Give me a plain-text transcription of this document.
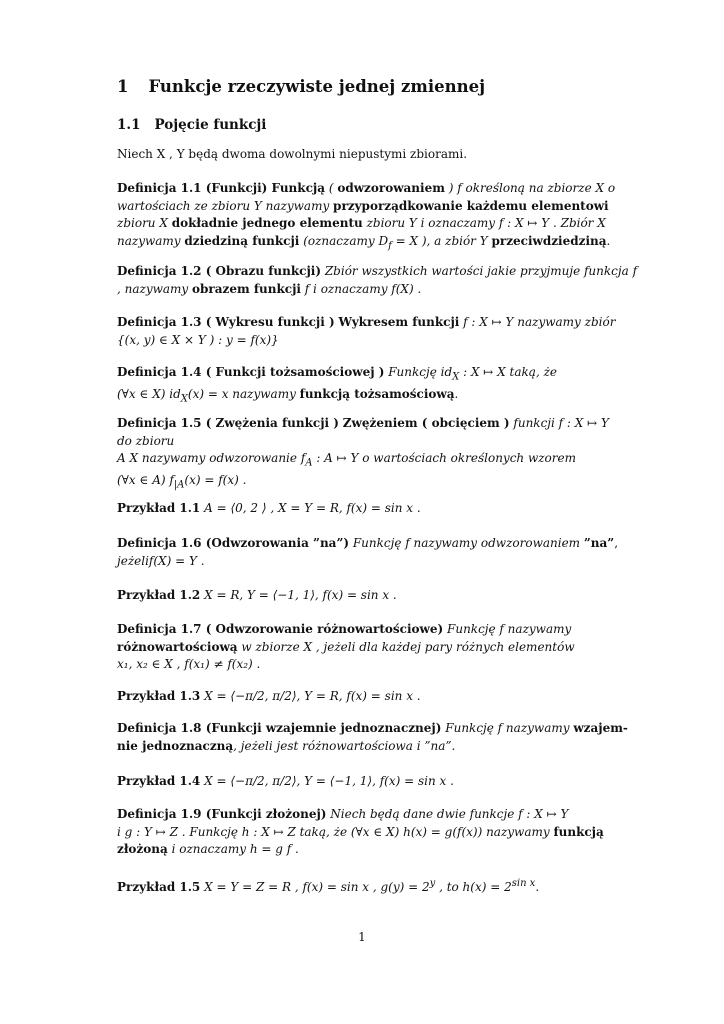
1 Funkcje rzeczywiste jednej zmiennej
1.1 Pojęcie funkcji
Niech X , Y będą dwoma dowolnymi niepustymi zbiorami.
Definicja 1.1 (Funkcji) Funkcją ( odwzorowaniem ) f określoną na zbiorze X o wartościach ze zbioru Y nazywamy przyporządkowanie każdemu elementowi zbioru X dokładnie jednego elementu zbioru Y i oznaczamy f : X ↦ Y . Zbiór X nazywamy dziedziną funkcji (oznaczamy $D_f = X$ ), a zbiór Y przeciwdziedziną.
Definicja 1.2 ( Obrazu funkcji) Zbiór wszystkich wartości jakie przyjmuje funkcja f , nazywamy obrazem funkcji f i oznaczamy f(X) .
Definicja 1.3 ( Wykresu funkcji ) Wykresem funkcji f : X ↦ Y nazywamy zbiór
{(x, y) ∈ X × Y ) : y = f(x)}
Definicja 1.4 ( Funkcji tożsamościowej ) Funkcję $id_X$ : X ↦ X taką, że
(∀x ∈ X) $id_X(x) = x$ nazywamy funkcją tożsamościową.
Definicja 1.5 ( Zwężenia funkcji ) Zwężeniem ( obcięciem ) funkcji f : X ↦ Y
do zbioru
A X nazywamy odwzorowanie $f_A$ : A ↦ Y o wartościach określonych wzorem
(∀x ∈ A) $f_{|A}(x) = f(x)$ .
Przykład 1.1 A = ⟨0, 2 ⟩ , X = Y = R, f(x) = sin x .
Definicja 1.6 (Odwzorowania ”na”) Funkcję f nazywamy odwzorowaniem ”na”,
jeżelif(X) = Y .
Przykład 1.2 X = R, Y = ⟨−1, 1⟩, f(x) = sin x .
Definicja 1.7 ( Odwzorowanie różnowartościowe) Funkcję f nazywamy
różnowartościową w zbiorze X , jeżeli dla każdej pary różnych elementów
x₁, x₂ ∈ X , f(x₁) ≠ f(x₂) .
Przykład 1.3 X = ⟨−π/2, π/2⟩, Y = R, f(x) = sin x .
Definicja 1.8 (Funkcji wzajemnie jednoznacznej) Funkcję f nazywamy wzajem-
nie jednoznaczną, jeżeli jest różnowartościowa i ”na”.
Przykład 1.4 X = ⟨−π/2, π/2⟩, Y = ⟨−1, 1⟩, f(x) = sin x .
Definicja 1.9 (Funkcji złożonej) Niech będą dane dwie funkcje f : X ↦ Y
i g : Y ↦ Z . Funkcję h : X ↦ Z taką, że (∀x ∈ X) h(x) = g(f(x)) nazywamy funkcją
złożoną i oznaczamy h = g f .
Przykład 1.5 X = Y = Z = R , f(x) = sin x , $g(y) = 2^y$ , to $h(x) = 2^{sin x}$.
1
